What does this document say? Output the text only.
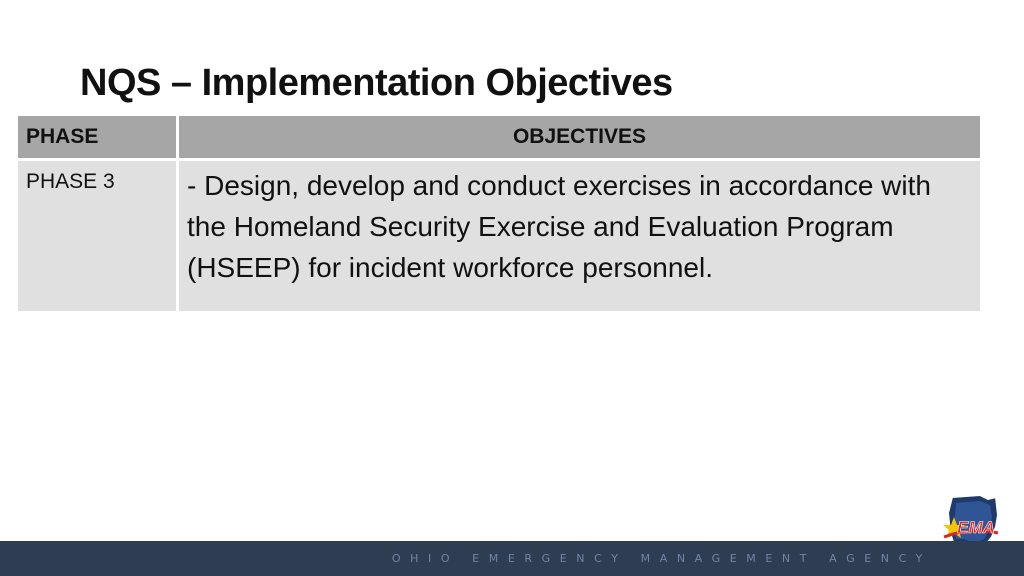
NQS – Implementation Objectives
PHASE	OBJECTIVES
PHASE 3	- Design, develop and conduct exercises in accordance with the Homeland Security Exercise and Evaluation Program (HSEEP) for incident workforce personnel.
EMA
OHIO EMERGENCY MANAGEMENT AGENCY
